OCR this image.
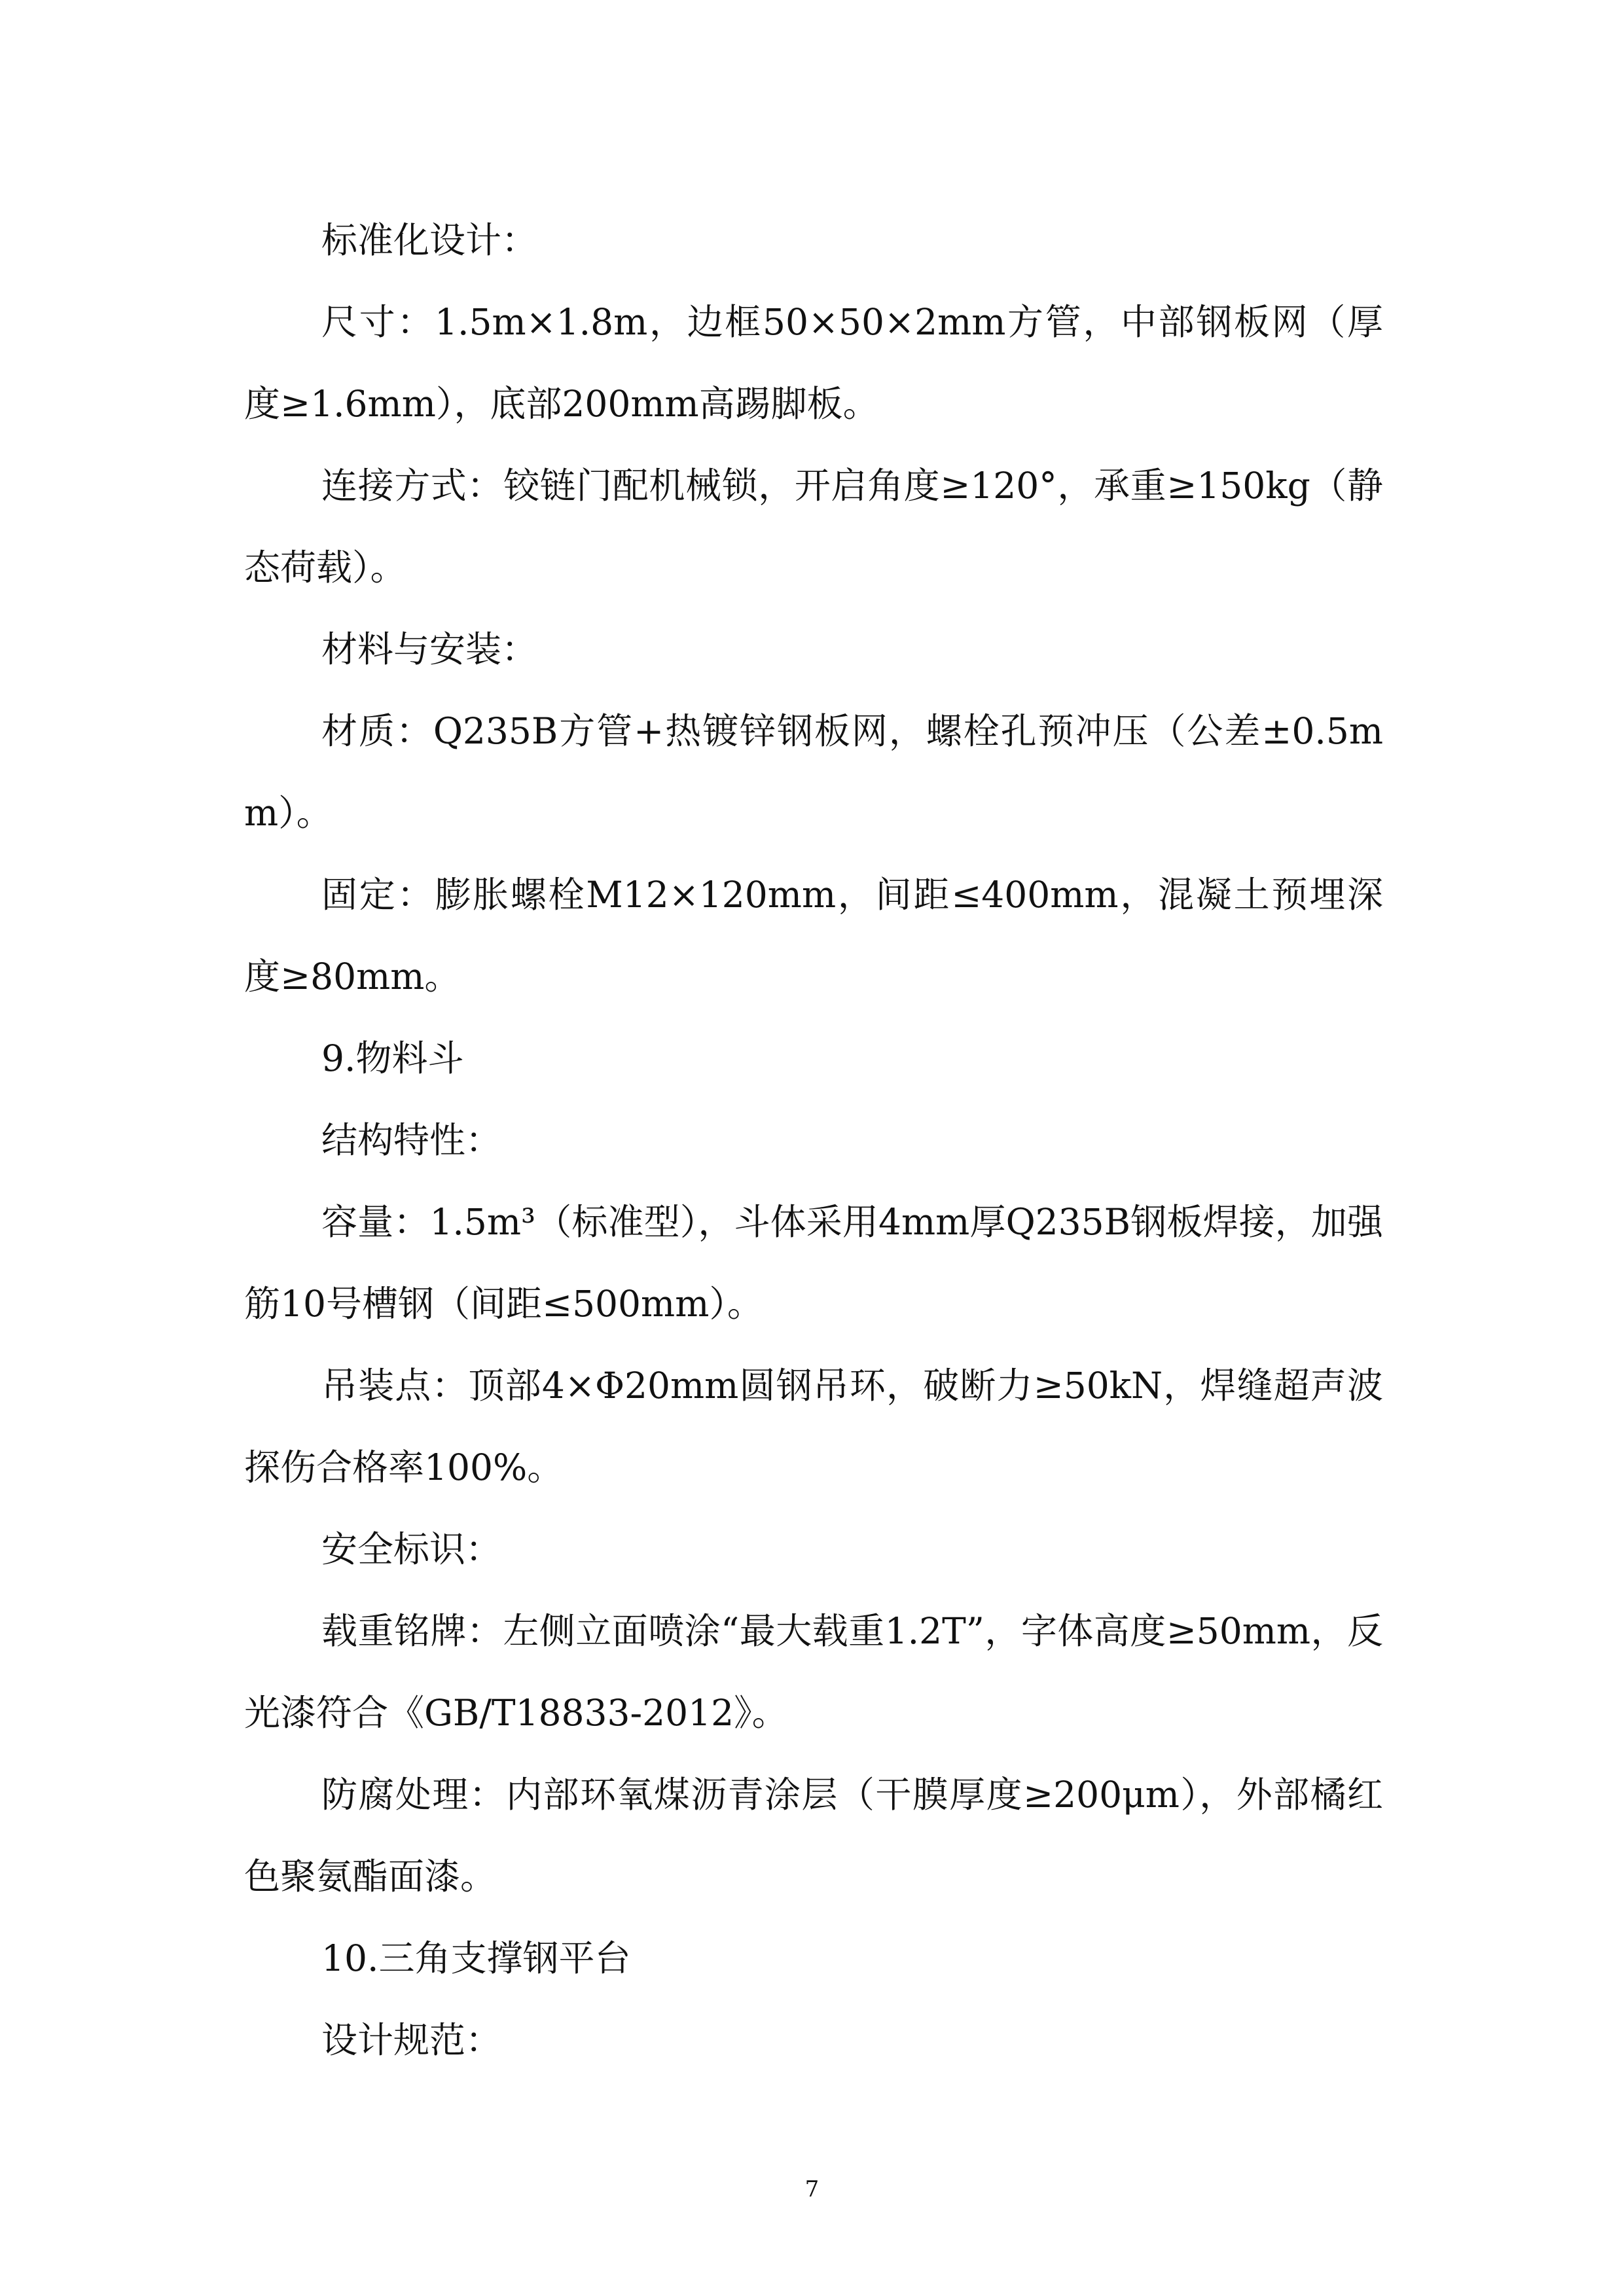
标准化设计：

尺寸：1.5m×1.8m，边框50×50×2mm方管，中部钢板网（厚度≥1.6mm），底部200mm高踢脚板。

连接方式：铰链门配机械锁，开启角度≥120°，承重≥150kg（静态荷载）。

材料与安装：

材质：Q235B方管+热镀锌钢板网，螺栓孔预冲压（公差±0.5mm）。

固定：膨胀螺栓M12×120mm，间距≤400mm，混凝土预埋深度≥80mm。

9.物料斗

结构特性：

容量：1.5m³（标准型），斗体采用4mm厚Q235B钢板焊接，加强筋10号槽钢（间距≤500mm）。

吊装点：顶部4×Φ20mm圆钢吊环，破断力≥50kN，焊缝超声波探伤合格率100%。

安全标识：

载重铭牌：左侧立面喷涂“最大载重1.2T”，字体高度≥50mm，反光漆符合《GB/T18833-2012》。

防腐处理：内部环氧煤沥青涂层（干膜厚度≥200μm），外部橘红色聚氨酯面漆。

10.三角支撑钢平台

设计规范：

7
